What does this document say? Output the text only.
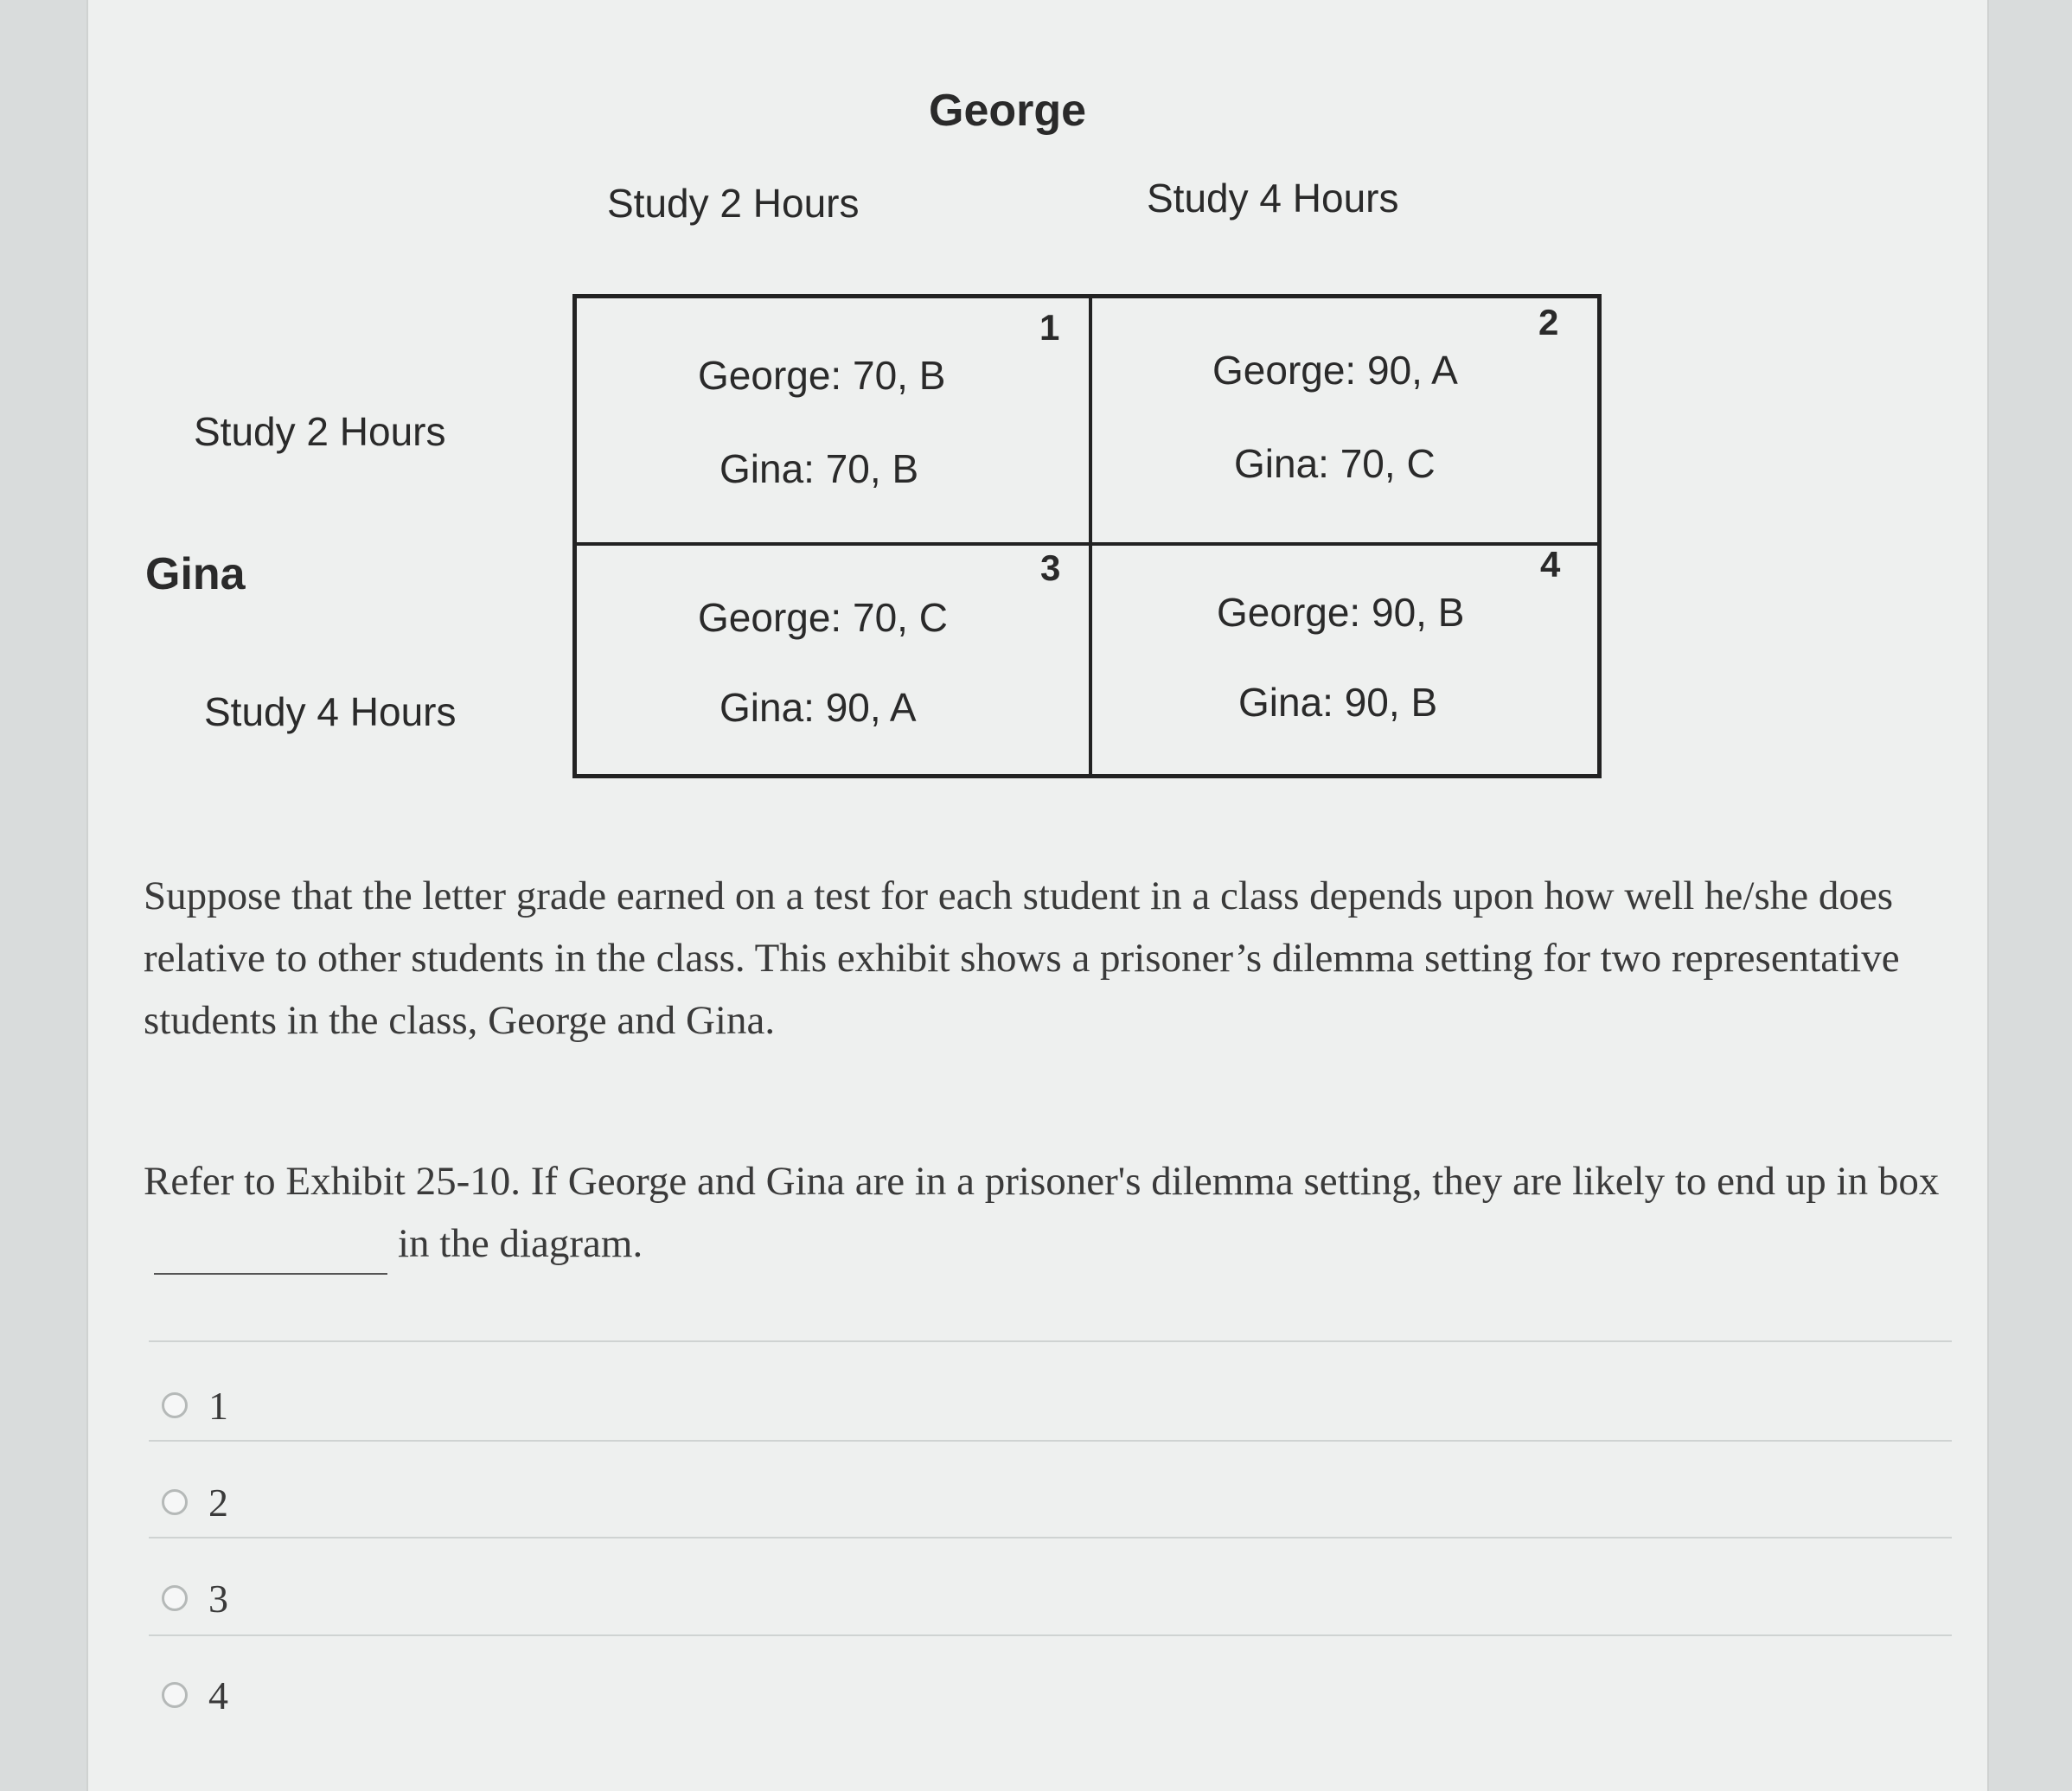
George
Study 2 Hours	Study 4 Hours
Gina
Study 2 Hours
Study 4 Hours
1
George: 70, B
Gina: 70, B
2
George: 90, A
Gina: 70, C
3
George: 70, C
Gina: 90, A
4
George: 90, B
Gina: 90, B
Suppose that the letter grade earned on a test for each student in a class depends upon how well he/she does relative to other students in the class. This exhibit shows a prisoner’s dilemma setting for two representative students in the class, George and Gina.
Refer to Exhibit 25-10. If George and Gina are in a prisoner's dilemma setting, they are likely to end up in boxin the diagram.
1
2
3
4
